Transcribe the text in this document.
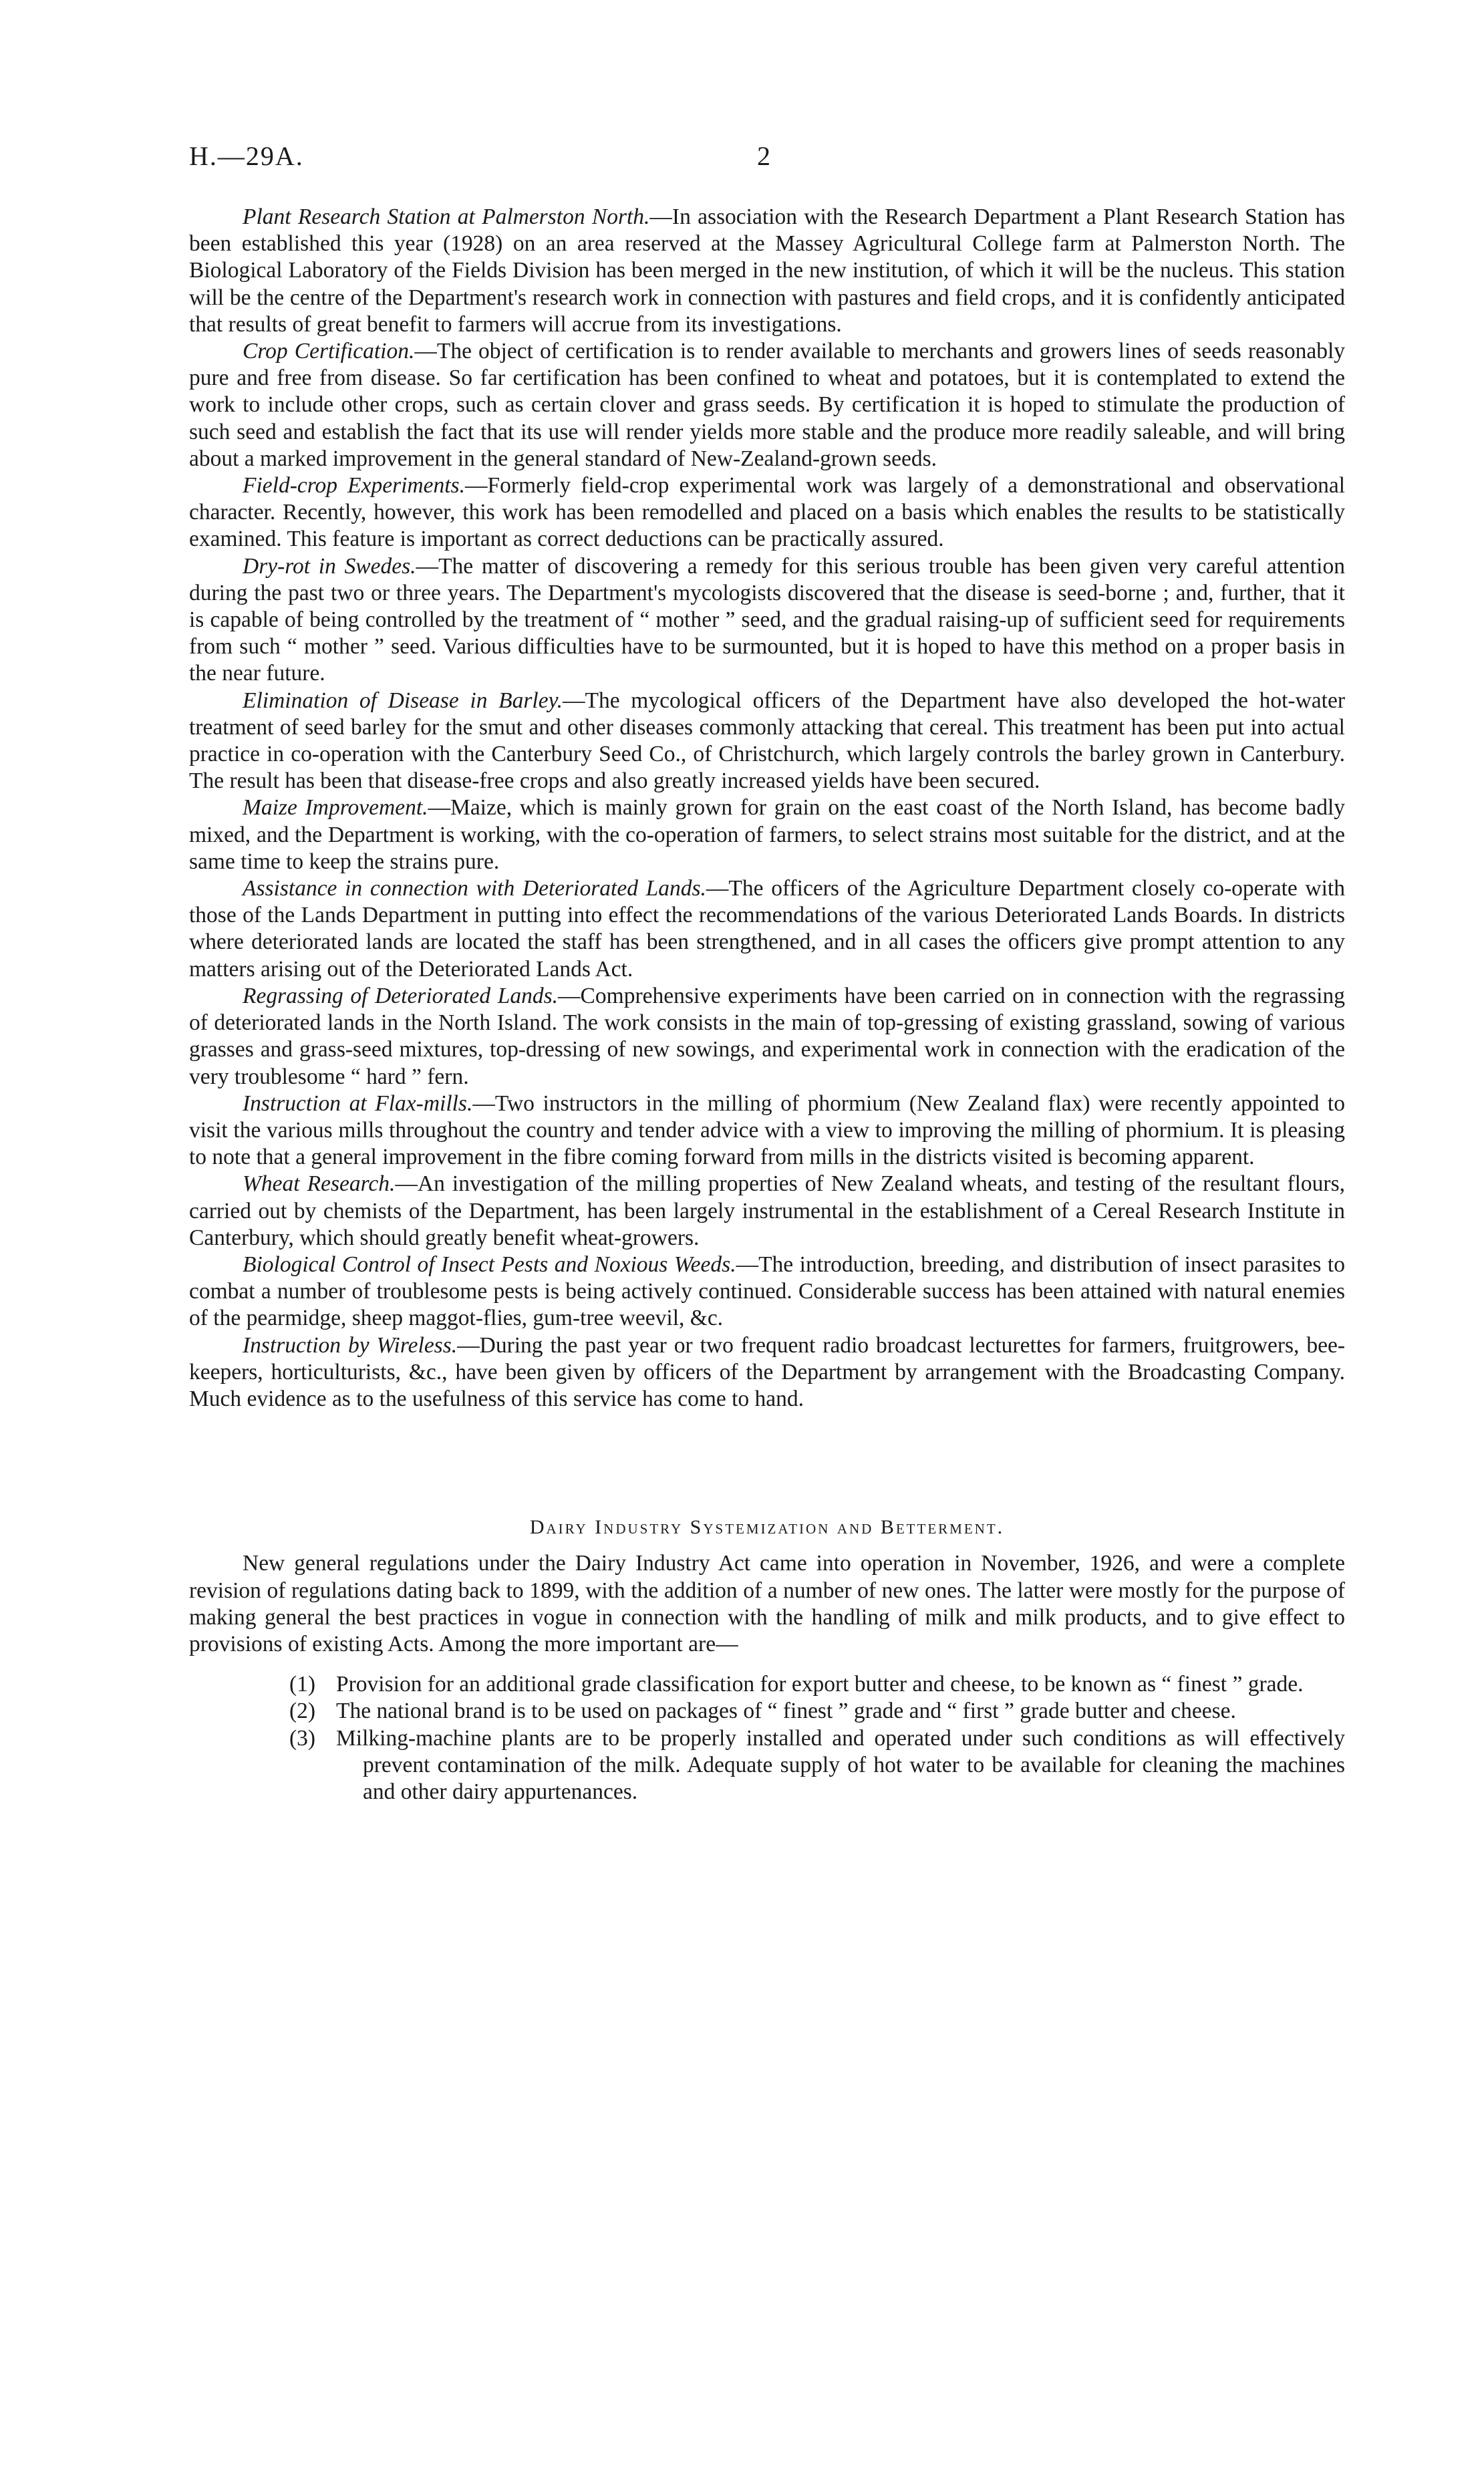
H.—29A.	2

Plant Research Station at Palmerston North.—In association with the Research Department a Plant Research Station has been established this year (1928) on an area reserved at the Massey Agricultural College farm at Palmerston North. The Biological Laboratory of the Fields Division has been merged in the new institution, of which it will be the nucleus. This station will be the centre of the Department's research work in connection with pastures and field crops, and it is confidently anticipated that results of great benefit to farmers will accrue from its investigations.

Crop Certification.—The object of certification is to render available to merchants and growers lines of seeds reasonably pure and free from disease. So far certification has been confined to wheat and potatoes, but it is contemplated to extend the work to include other crops, such as certain clover and grass seeds. By certification it is hoped to stimulate the production of such seed and establish the fact that its use will render yields more stable and the produce more readily saleable, and will bring about a marked improvement in the general standard of New-Zealand-grown seeds.

Field-crop Experiments.—Formerly field-crop experimental work was largely of a demonstrational and observational character. Recently, however, this work has been remodelled and placed on a basis which enables the results to be statistically examined. This feature is important as correct deductions can be practically assured.

Dry-rot in Swedes.—The matter of discovering a remedy for this serious trouble has been given very careful attention during the past two or three years. The Department's mycologists discovered that the disease is seed-borne ; and, further, that it is capable of being controlled by the treatment of “ mother ” seed, and the gradual raising-up of sufficient seed for requirements from such “ mother ” seed. Various difficulties have to be surmounted, but it is hoped to have this method on a proper basis in the near future.

Elimination of Disease in Barley.—The mycological officers of the Department have also developed the hot-water treatment of seed barley for the smut and other diseases commonly attacking that cereal. This treatment has been put into actual practice in co-operation with the Canterbury Seed Co., of Christchurch, which largely controls the barley grown in Canterbury. The result has been that disease-free crops and also greatly increased yields have been secured.

Maize Improvement.—Maize, which is mainly grown for grain on the east coast of the North Island, has become badly mixed, and the Department is working, with the co-operation of farmers, to select strains most suitable for the district, and at the same time to keep the strains pure.

Assistance in connection with Deteriorated Lands.—The officers of the Agriculture Department closely co-operate with those of the Lands Department in putting into effect the recommendations of the various Deteriorated Lands Boards. In districts where deteriorated lands are located the staff has been strengthened, and in all cases the officers give prompt attention to any matters arising out of the Deteriorated Lands Act.

Regrassing of Deteriorated Lands.—Comprehensive experiments have been carried on in connection with the regrassing of deteriorated lands in the North Island. The work consists in the main of top-gressing of existing grassland, sowing of various grasses and grass-seed mixtures, top-dressing of new sowings, and experimental work in connection with the eradication of the very troublesome “ hard ” fern.

Instruction at Flax-mills.—Two instructors in the milling of phormium (New Zealand flax) were recently appointed to visit the various mills throughout the country and tender advice with a view to improving the milling of phormium. It is pleasing to note that a general improvement in the fibre coming forward from mills in the districts visited is becoming apparent.

Wheat Research.—An investigation of the milling properties of New Zealand wheats, and testing of the resultant flours, carried out by chemists of the Department, has been largely instrumental in the establishment of a Cereal Research Institute in Canterbury, which should greatly benefit wheat-growers.

Biological Control of Insect Pests and Noxious Weeds.—The introduction, breeding, and distribution of insect parasites to combat a number of troublesome pests is being actively continued. Considerable success has been attained with natural enemies of the pearmidge, sheep maggot-flies, gum-tree weevil, &c.

Instruction by Wireless.—During the past year or two frequent radio broadcast lecturettes for farmers, fruitgrowers, bee-keepers, horticulturists, &c., have been given by officers of the Department by arrangement with the Broadcasting Company. Much evidence as to the usefulness of this service has come to hand.

Dairy Industry Systemization and Betterment.

New general regulations under the Dairy Industry Act came into operation in November, 1926, and were a complete revision of regulations dating back to 1899, with the addition of a number of new ones. The latter were mostly for the purpose of making general the best practices in vogue in connection with the handling of milk and milk products, and to give effect to provisions of existing Acts. Among the more important are—

(1) Provision for an additional grade classification for export butter and cheese, to be known as “ finest ” grade.
(2) The national brand is to be used on packages of “ finest ” grade and “ first ” grade butter and cheese.
(3) Milking-machine plants are to be properly installed and operated under such conditions as will effectively prevent contamination of the milk. Adequate supply of hot water to be available for cleaning the machines and other dairy appurtenances.
